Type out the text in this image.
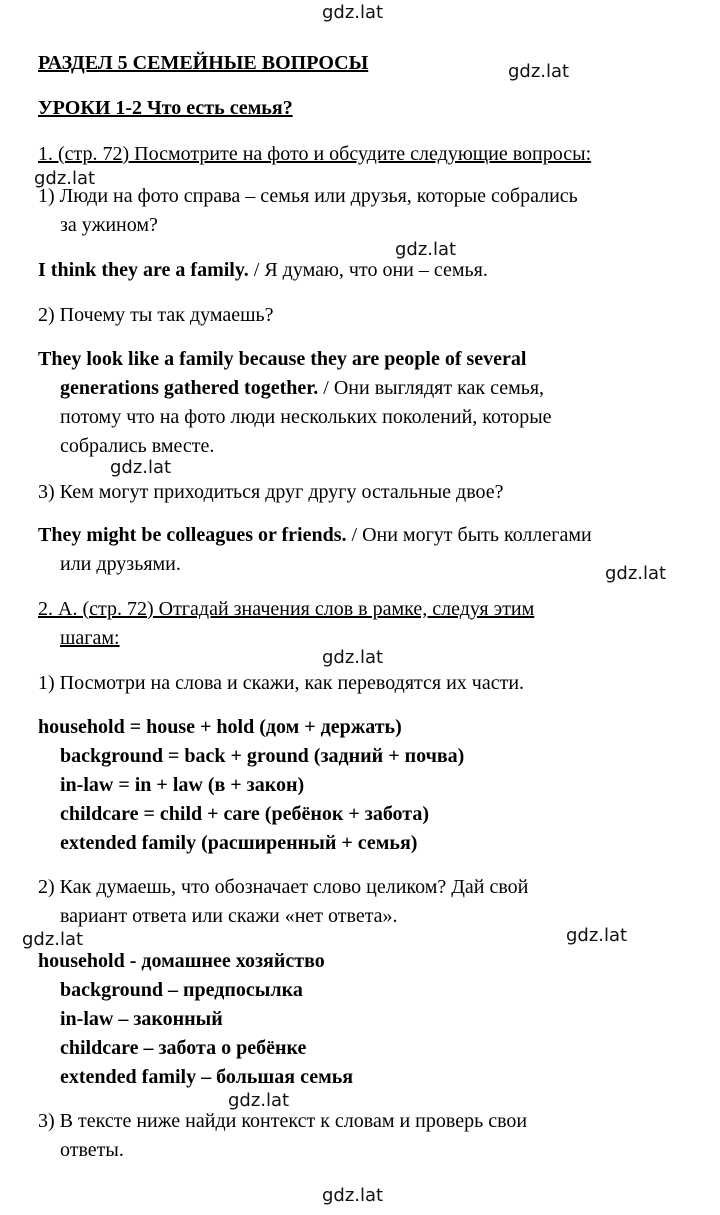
gdz.lat
gdz.lat
gdz.lat
gdz.lat
gdz.lat
gdz.lat
gdz.lat
gdz.lat	gdz.lat
gdz.lat
gdz.lat
РАЗДЕЛ 5 СЕМЕЙНЫЕ ВОПРОСЫ
УРОКИ 1-2 Что есть семья?
1. (стр. 72) Посмотрите на фото и обсудите следующие вопросы:
1) Люди на фото справа – семья или друзья, которые собрались
за ужином?
I think they are a family. / Я думаю, что они – семья.
2) Почему ты так думаешь?
They look like a family because they are people of several
generations gathered together. / Они выглядят как семья,
потому что на фото люди нескольких поколений, которые
собрались вместе.
3) Кем могут приходиться друг другу остальные двое?
They might be colleagues or friends. / Они могут быть коллегами
или друзьями.
2. А. (стр. 72) Отгадай значения слов в рамке, следуя этим
шагам:
1) Посмотри на слова и скажи, как переводятся их части.
household = house + hold (дом + держать)
background = back + ground (задний + почва)
in-law = in + law (в + закон)
childcare = child + care (ребёнок + забота)
extended family (расширенный + семья)
2) Как думаешь, что обозначает слово целиком? Дай свой
вариант ответа или скажи «нет ответа».
household - домашнее хозяйство
background – предпосылка
in-law – законный
childcare – забота о ребёнке
extended family – большая семья
3) В тексте ниже найди контекст к словам и проверь свои
ответы.
